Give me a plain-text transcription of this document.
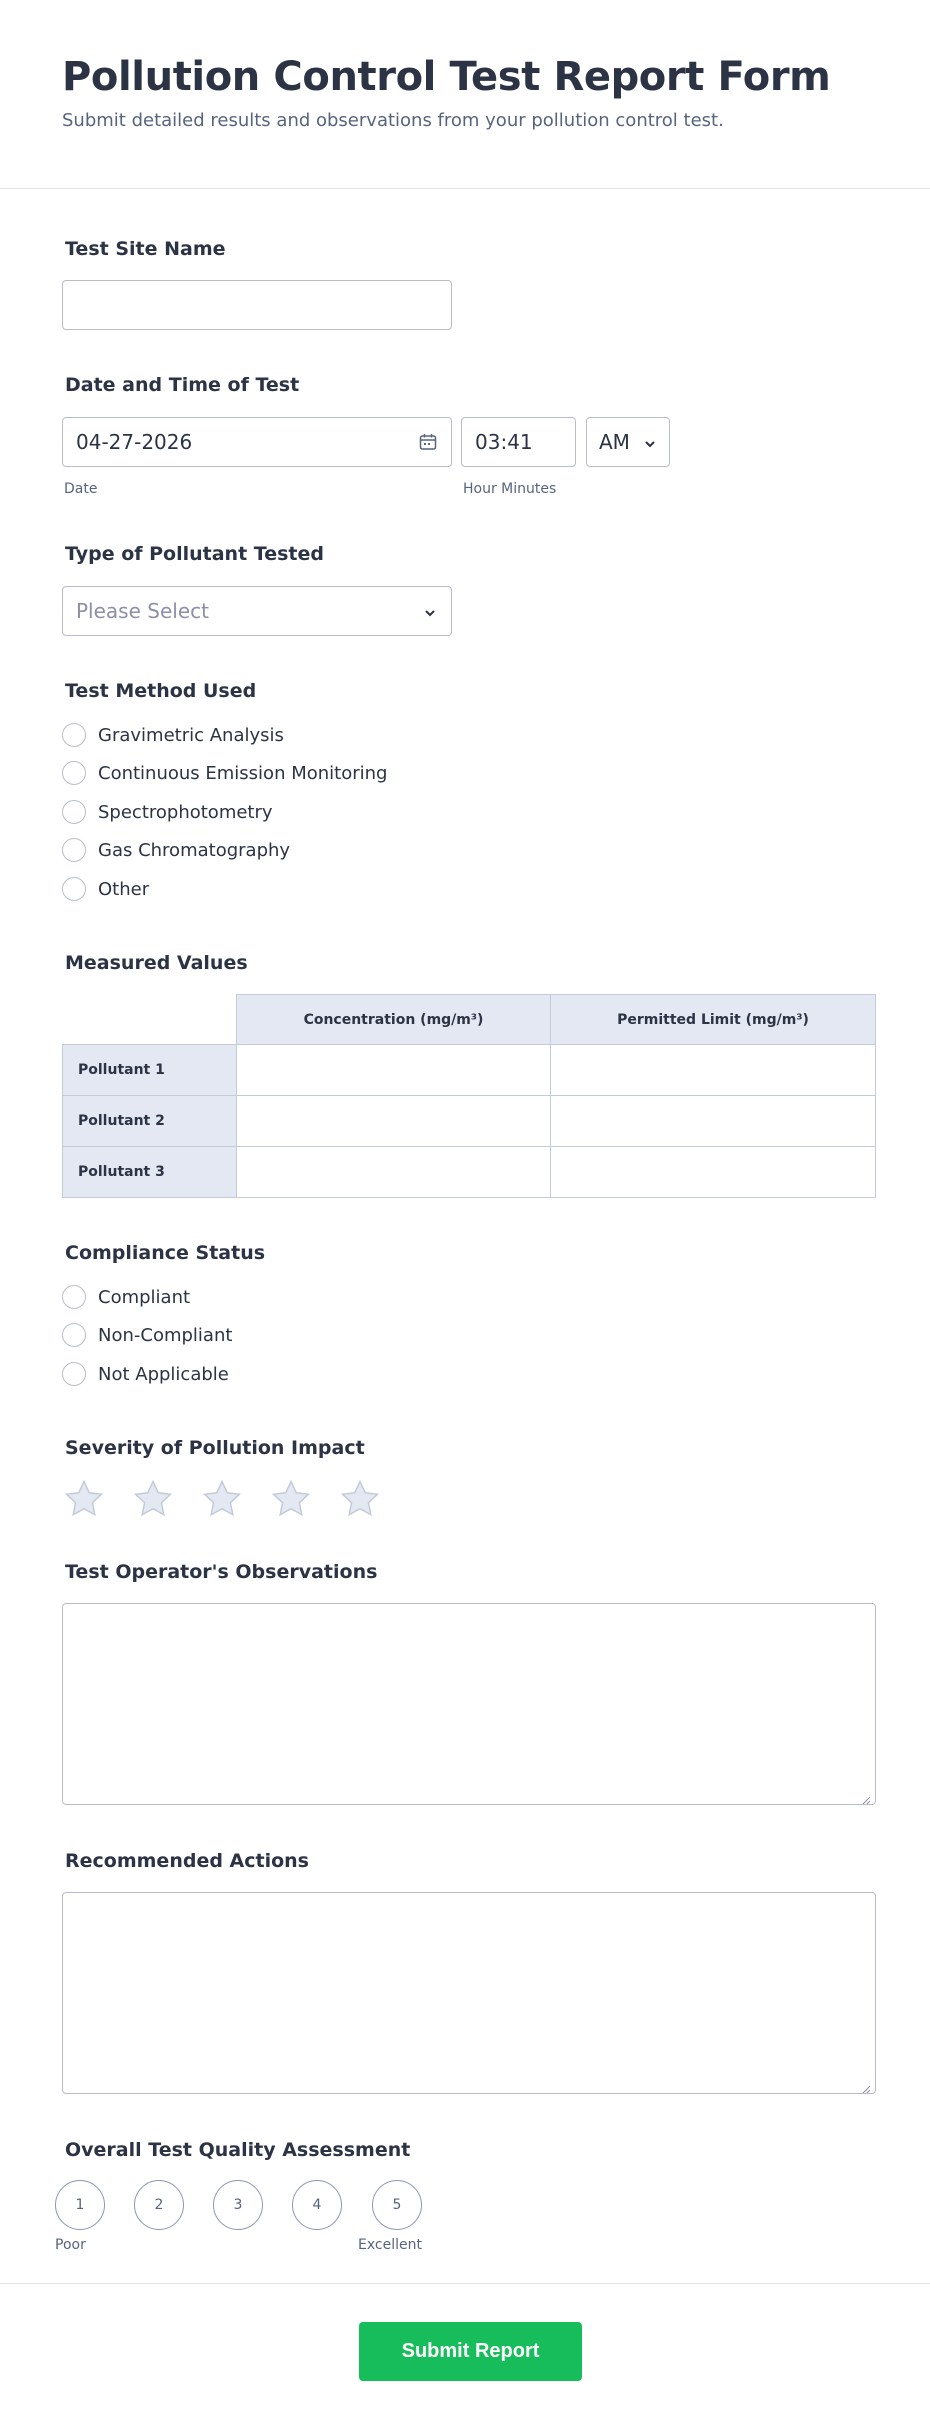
Pollution Control Test Report Form

Submit detailed results and observations from your pollution control test.

Test Site Name
Date and Time of Test
04-27-2026
Date
03:41
Hour Minutes
AM
Type of Pollutant Tested
Please Select
Test Method Used
Gravimetric Analysis
Continuous Emission Monitoring
Spectrophotometry
Gas Chromatography
Other
Measured Values
	Concentration (mg/m³)	Permitted Limit (mg/m³)
Pollutant 1		
Pollutant 2		
Pollutant 3		
Compliance Status
Compliant
Non-Compliant
Not Applicable
Severity of Pollution Impact
Test Operator's Observations
Recommended Actions
Overall Test Quality Assessment
1	2	3	4	5
Poor	Excellent
Submit Report
